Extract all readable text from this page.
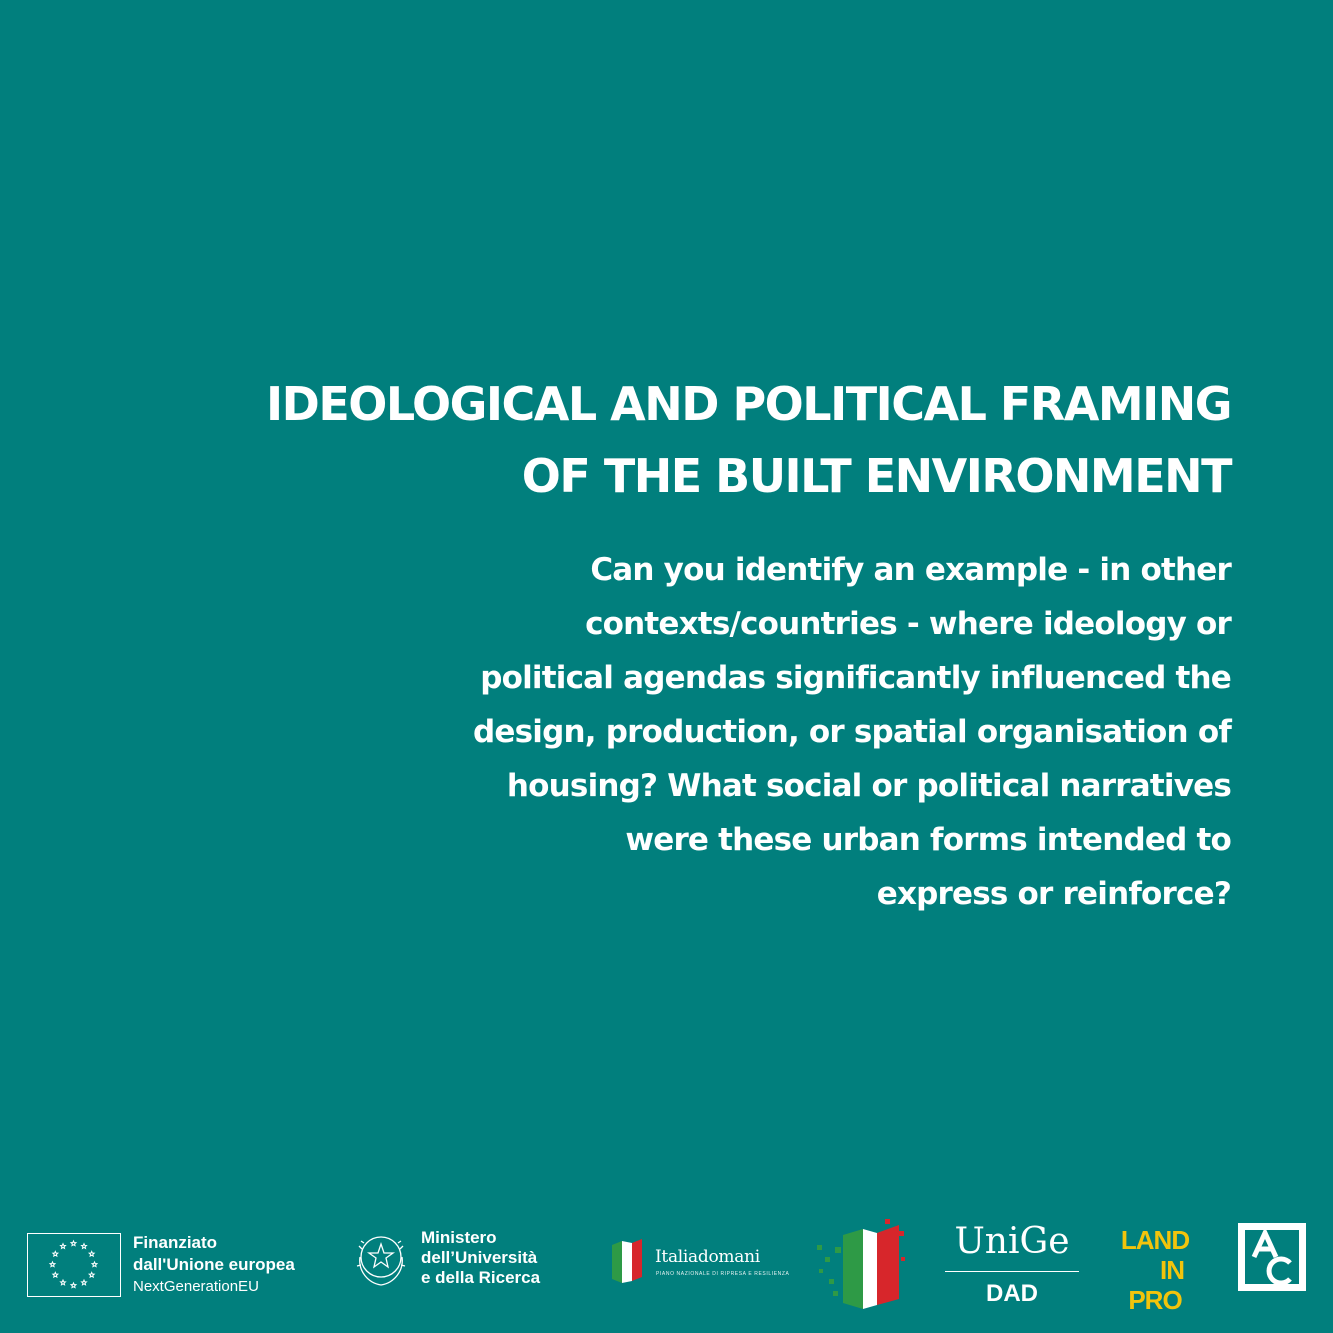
IDEOLOGICAL AND POLITICAL FRAMING
OF THE BUILT ENVIRONMENT

Can you identify an example - in other
contexts/countries - where ideology or
political agendas significantly influenced the
design, production, or spatial organisation of
housing? What social or political narratives
were these urban forms intended to
express or reinforce?

Finanziato
dall'Unione europea
NextGenerationEU
Ministero
dell’Università
e della Ricerca
Italiadomani
PIANO NAZIONALE DI RIPRESA E RESILIENZA
UniGe
DAD
LAND
IN
PRO
